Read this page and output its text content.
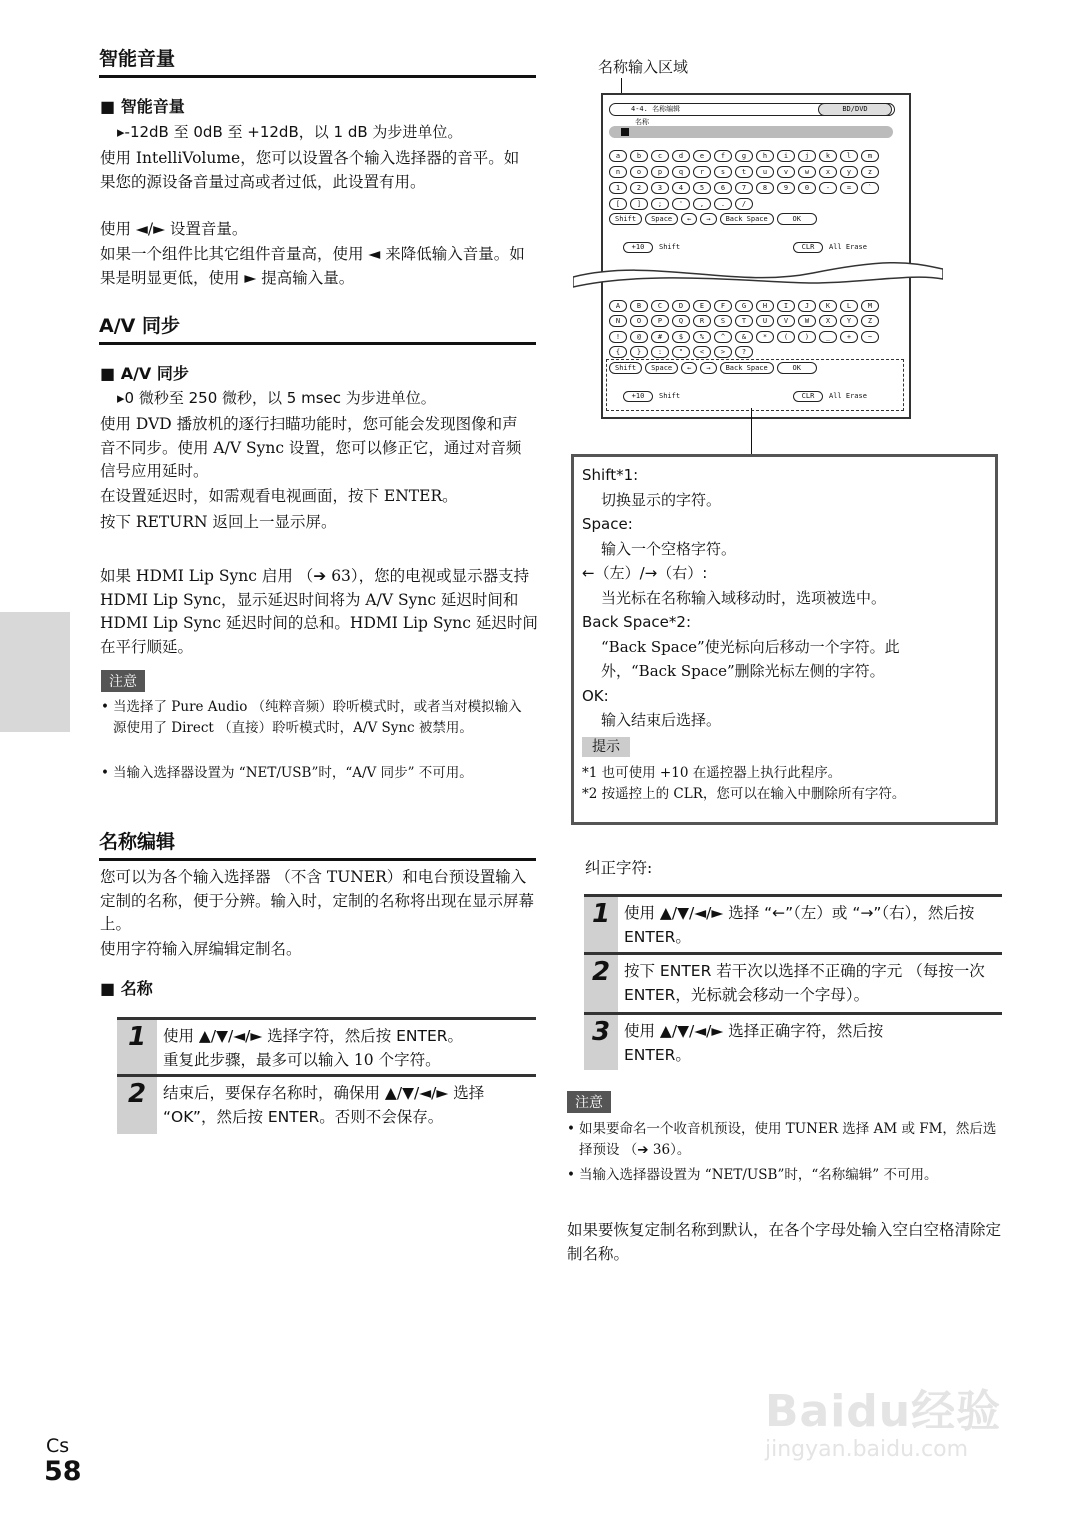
智能音量
■ 智能音量
▸-12dB 至 0dB 至 +12dB，以 1 dB 为步进单位。
使用 IntelliVolume，您可以设置各个输入选择器的音平。如果您的源设备音量过高或者过低，此设置有用。
使用 ◄/► 设置音量。
如果一个组件比其它组件音量高，使用 ◄ 来降低输入音量。如果是明显更低，使用 ► 提高输入量。
A/V 同步
■ A/V 同步
▸0 微秒至 250 微秒，以 5 msec 为步进单位。
使用 DVD 播放机的逐行扫瞄功能时，您可能会发现图像和声音不同步。使用 A/V Sync 设置，您可以修正它，通过对音频信号应用延时。
在设置延迟时，如需观看电视画面，按下 ENTER。
按下 RETURN 返回上一显示屏。
如果 HDMI Lip Sync 启用 （➔ 63），您的电视或显示器支持 HDMI Lip Sync，显示延迟时间将为 A/V Sync 延迟时间和 HDMI Lip Sync 延迟时间的总和。HDMI Lip Sync 延迟时间在平行顺延。
注意
• 当选择了 Pure Audio （纯粹音频）聆听模式时，或者当对模拟输入源使用了 Direct （直接）聆听模式时，A/V Sync 被禁用。
• 当输入选择器设置为 “NET/USB”时，“A/V 同步” 不可用。
名称编辑
您可以为各个输入选择器 （不含 TUNER）和电台预设置输入定制的名称，便于分辨。输入时，定制的名称将出现在显示屏幕上。
使用字符输入屏编辑定制名。
■ 名称
1	使用 ▲/▼/◄/► 选择字符，然后按 ENTER。
重复此步骤，最多可以输入 10 个字符。
2	结束后，要保存名称时，确保用 ▲/▼/◄/► 选择 “OK”，然后按 ENTER。否则不会保存。
名称输入区域
4-4. 名称编辑	BD/DVD
名称
a	b	c	d	e	f	g	h	i	j	k	l	m
n	o	p	q	r	s	t	u	v	w	x	y	z
1	2	3	4	5	6	7	8	9	0	-	=	`
[	]	;	'	,	.	/
Shift	Space	←	→	Back Space	OK
+10	Shift	CLR	All Erase
A	B	C	D	E	F	G	H	I	J	K	L	M
N	O	P	Q	R	S	T	U	V	W	X	Y	Z
!	@	#	$	%	^	&	*	(	)	_	+	~
{	}	:	"	<	>	?
Shift	Space	←	→	Back Space	OK
+10	Shift	CLR	All Erase
Shift*1:
切换显示的字符。
Space:
输入一个空格字符。
←（左）/→（右）:
当光标在名称输入域移动时，选项被选中。
Back Space*2:
“Back Space”使光标向后移动一个字符。此外，“Back Space”删除光标左侧的字符。
OK:
输入结束后选择。
提示
*1 也可使用 +10 在遥控器上执行此程序。
*2 按遥控上的 CLR，您可以在输入中删除所有字符。
纠正字符:
1 使用 ▲/▼/◄/► 选择 “←”（左）或 “→”（右），然后按 ENTER。
2 按下 ENTER 若干次以选择不正确的字元 （每按一次 ENTER，光标就会移动一个字母）。
3 使用 ▲/▼/◄/► 选择正确字符，然后按 ENTER。
注意
• 如果要命名一个收音机预设，使用 TUNER 选择 AM 或 FM，然后选择预设 （➔ 36）。
• 当输入选择器设置为 “NET/USB”时，“名称编辑” 不可用。
如果要恢复定制名称到默认，在各个字母处输入空白空格清除定制名称。
Cs
58
Baidu经验
jingyan.baidu.com
